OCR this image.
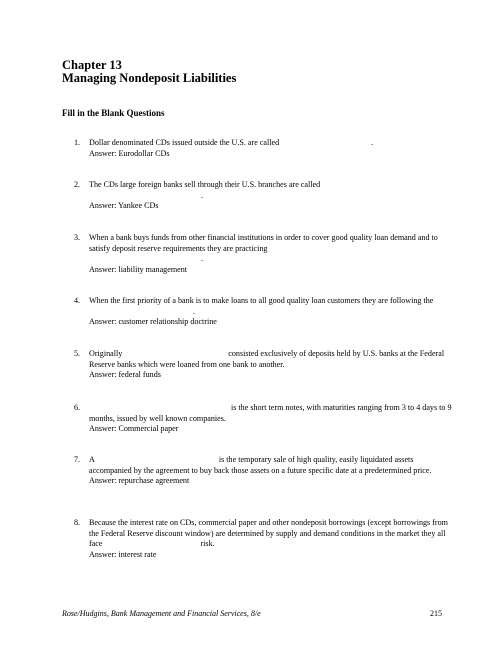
Chapter 13
Managing Nondeposit Liabilities
Fill in the Blank Questions
1. Dollar denominated CDs issued outside the U.S. are called	.
Answer: Eurodollar CDs
2. The CDs large foreign banks sell through their U.S. branches are called
.
Answer: Yankee CDs
3. When a bank buys funds from other financial institutions in order to cover good quality loan demand and to satisfy deposit reserve requirements they are practicing
.
Answer: liability management
4. When the first priority of a bank is to make loans to all good quality loan customers they are following the.
Answer: customer relationship doctrine
5. Originally	consisted exclusively of deposits held by U.S. banks at the Federal Reserve banks which were loaned from one bank to another.
Answer: federal funds
6.	is the short term notes, with maturities ranging from 3 to 4 days to 9 months, issued by well known companies.
Answer: Commercial paper
7. A	is the temporary sale of high quality, easily liquidated assets accompanied by the agreement to buy back those assets on a future specific date at a predetermined price.
Answer: repurchase agreement
8. Because the interest rate on CDs, commercial paper and other nondeposit borrowings (except borrowings from the Federal Reserve discount window) are determined by supply and demand conditions in the market they all face	risk.
Answer: interest rate
Rose/Hudgins, Bank Management and Financial Services, 8/e	215
